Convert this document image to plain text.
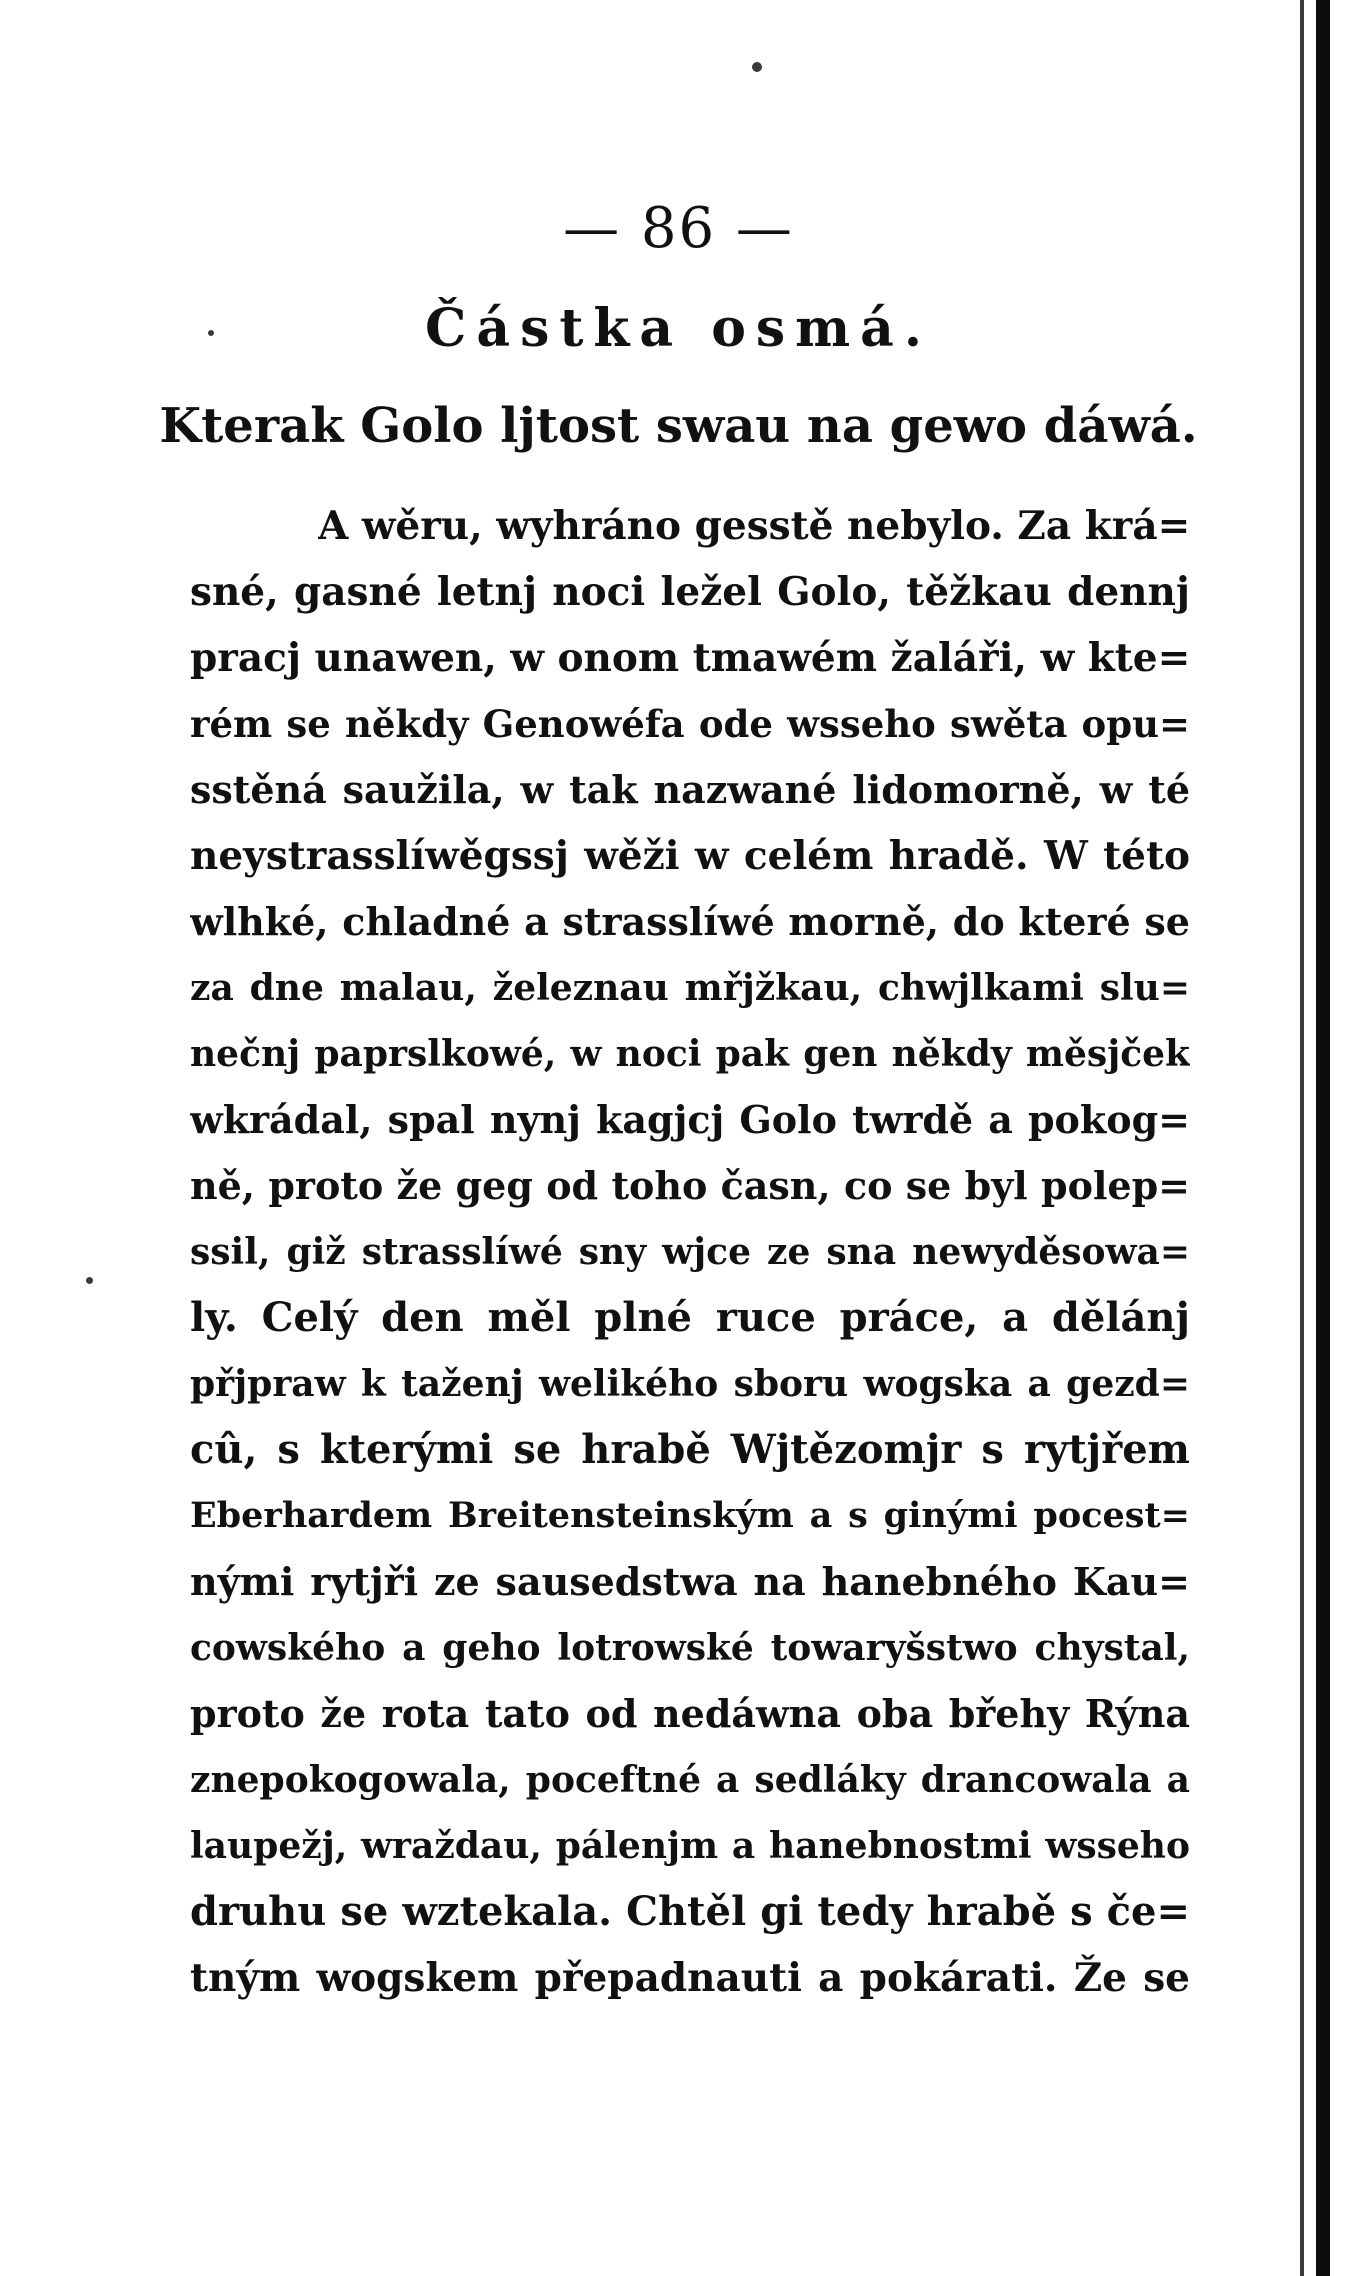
— 86 —
Částka osmá.
Kterak Golo ljtost swau na gewo dáwá.
A wěru, wyhráno gesstě nebylo. Za krá=
sné, gasné letnj noci ležel Golo, těžkau dennj
pracj unawen, w onom tmawém žaláři, w kte=
rém se někdy Genowéfa ode wsseho swěta opu=
sstěná saužila, w tak nazwané lidomorně, w té
neystrasslíwěgssj wěži w celém hradě. W této
wlhké, chladné a strasslíwé morně, do které se
za dne malau, železnau mřjžkau, chwjlkami slu=
nečnj paprslkowé, w noci pak gen někdy měsjček
wkrádal, spal nynj kagjcj Golo twrdě a pokog=
ně, proto že geg od toho časn, co se byl polep=
ssil, giž strasslíwé sny wjce ze sna newyděsowa=
ly. Celý den měl plné ruce práce, a dělánj
přjpraw k taženj welikého sboru wogska a gezd=
cû, s kterými se hrabě Wjtězomjr s rytjřem
Eberhardem Breitensteinským a s ginými pocest=
nými rytjři ze sausedstwa na hanebného Kau=
cowského a geho lotrowské towaryšstwo chystal,
proto že rota tato od nedáwna oba břehy Rýna
znepokogowala, poceftné a sedláky drancowala a
laupežj, wraždau, pálenjm a hanebnostmi wsseho
druhu se wztekala. Chtěl gi tedy hrabě s če=
tným wogskem přepadnauti a pokárati. Že se
